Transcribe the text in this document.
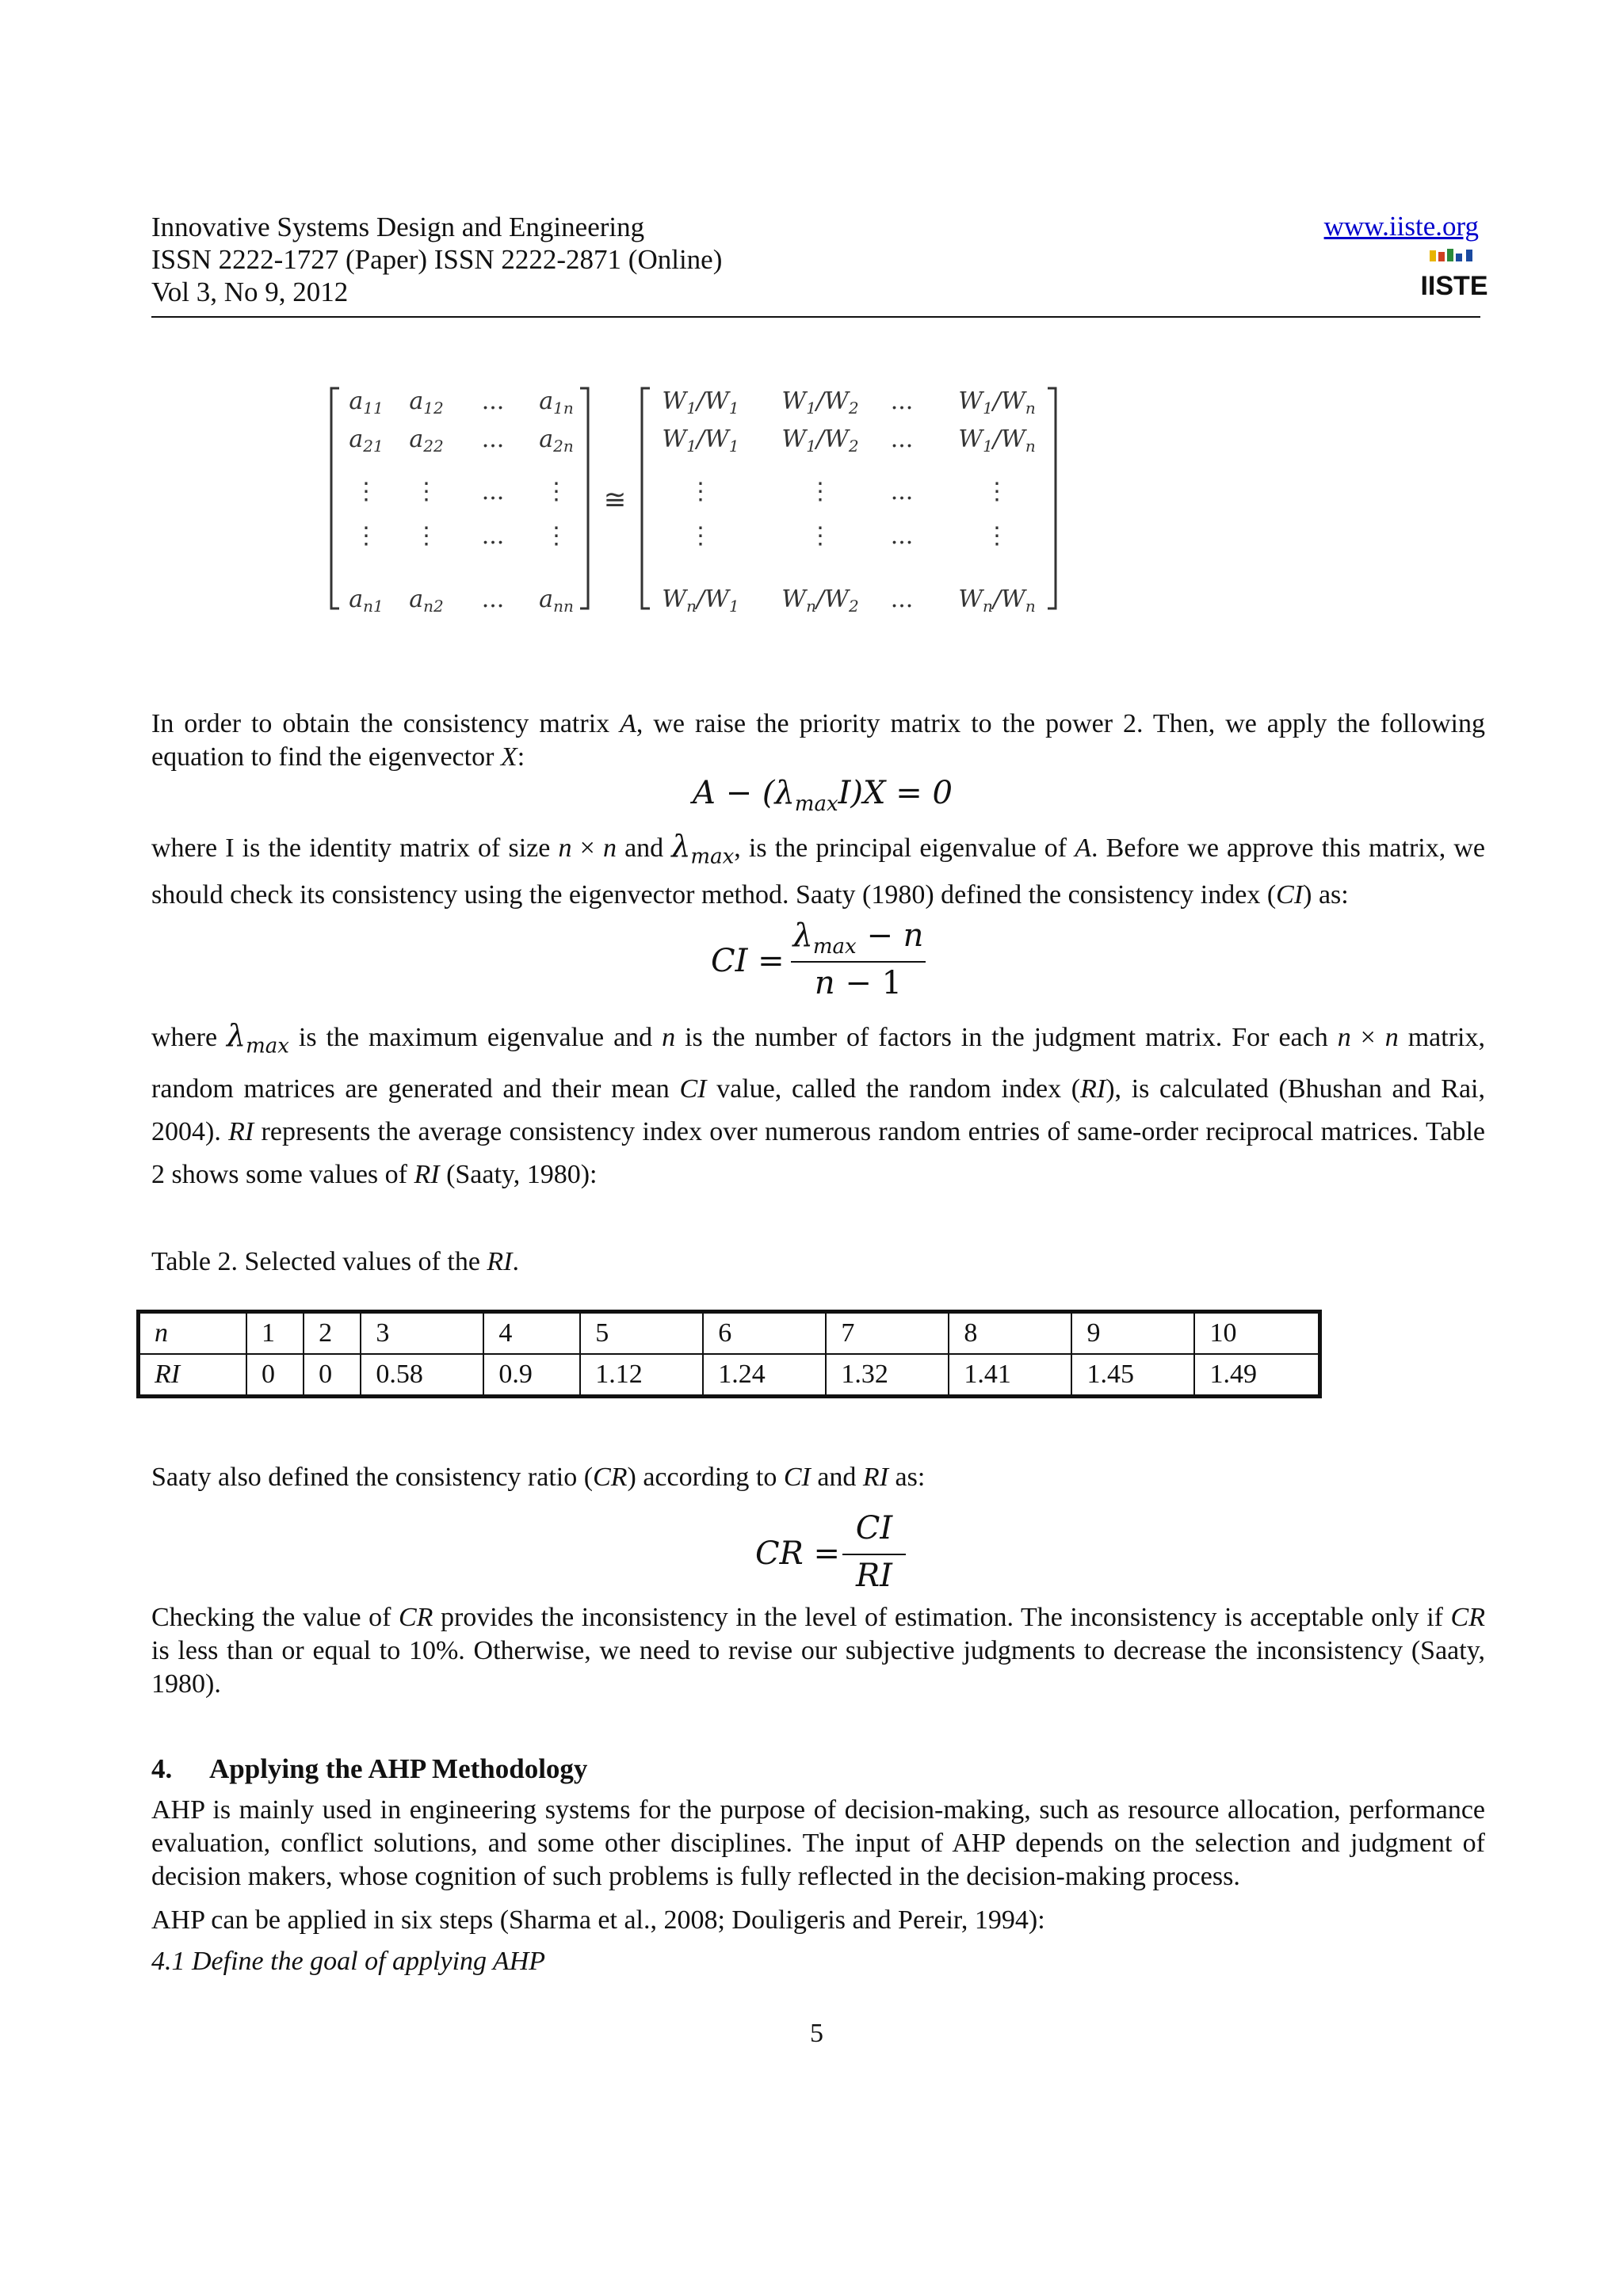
Innovative Systems Design and Engineering
ISSN 2222-1727 (Paper) ISSN 2222-2871 (Online)
Vol 3, No 9, 2012
www.iiste.org
IISTE
$a_{11}$ $a_{12}$ ... $a_{1n}$
$a_{21}$ $a_{22}$ ... $a_{2n}$
⋮ ⋮ ... ⋮
⋮ ⋮ ... ⋮
$a_{n1}$ $a_{n2}$ ... $a_{nn}$
≅
$W_1/W_1$ $W_1/W_2$ ... $W_1/W_n$
$W_1/W_1$ $W_1/W_2$ ... $W_1/W_n$
⋮	⋮ ...	⋮
⋮	⋮ ...	⋮
$W_n/W_1$ $W_n/W_2$ ... $W_n/W_n$
In order to obtain the consistency matrix A, we raise the priority matrix to the power 2. Then, we apply the following equation to find the eigenvector X:
$A - (\lambda_{max}I)X = 0$
where I is the identity matrix of size n × n and $\lambda_{max}$, is the principal eigenvalue of A. Before we approve this matrix, we should check its consistency using the eigenvector method. Saaty (1980) defined the consistency index (CI) as:
CI =
$\lambda_{max} - n$
n − 1
where $\lambda_{max}$ is the maximum eigenvalue and n is the number of factors in the judgment matrix. For each n × n matrix, random matrices are generated and their mean CI value, called the random index (RI), is calculated (Bhushan and Rai, 2004). RI represents the average consistency index over numerous random entries of same-order reciprocal matrices. Table 2 shows some values of RI (Saaty, 1980):
Table 2. Selected values of the RI.
n	1	2	3	4	5	6	7	8	9	10
RI	0	0	0.58	0.9	1.12	1.24	1.32	1.41	1.45	1.49
Saaty also defined the consistency ratio (CR) according to CI and RI as:
CR =
CI
RI
Checking the value of CR provides the inconsistency in the level of estimation. The inconsistency is acceptable only if CR is less than or equal to 10%. Otherwise, we need to revise our subjective judgments to decrease the inconsistency (Saaty, 1980).
4. Applying the AHP Methodology
AHP is mainly used in engineering systems for the purpose of decision-making, such as resource allocation, performance evaluation, conflict solutions, and some other disciplines. The input of AHP depends on the selection and judgment of decision makers, whose cognition of such problems is fully reflected in the decision-making process.
AHP can be applied in six steps (Sharma et al., 2008; Douligeris and Pereir, 1994):
4.1 Define the goal of applying AHP
5
